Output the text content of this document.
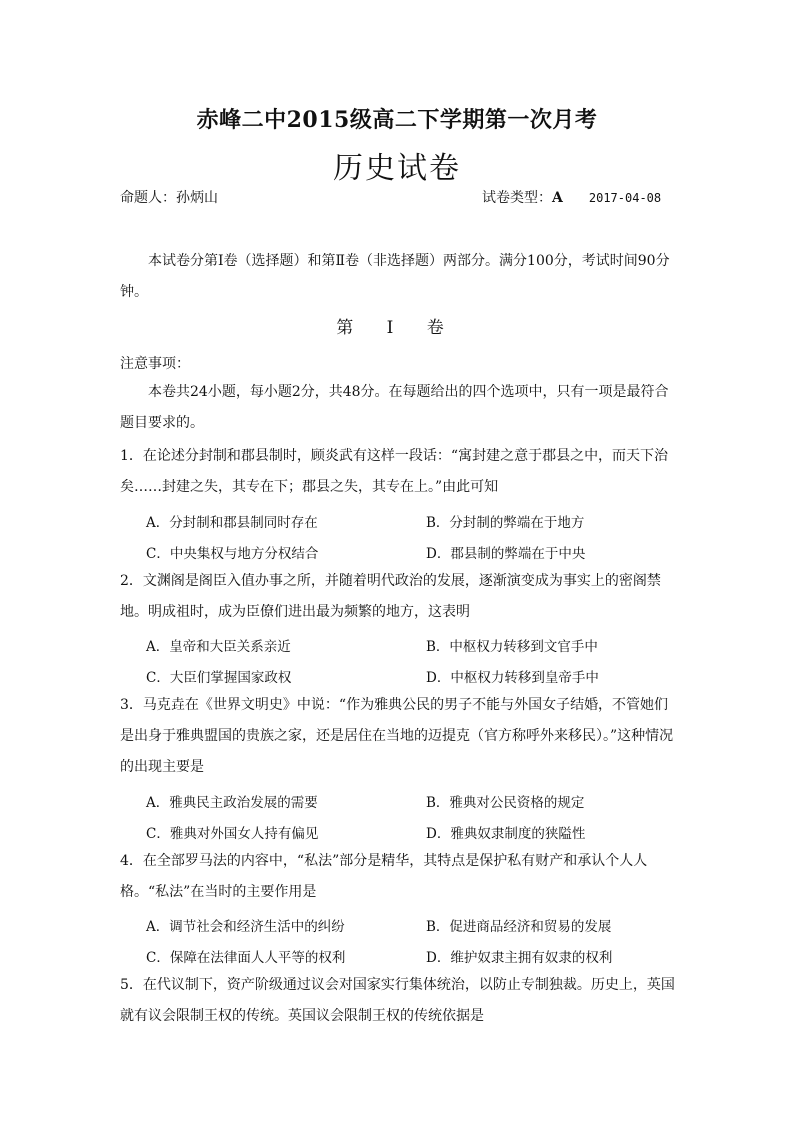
赤峰二中2015级高二下学期第一次月考
历史试卷
命题人：孙炳山	试卷类型：A 2017-04-08
本试卷分第Ⅰ卷（选择题）和第Ⅱ卷（非选择题）两部分。满分100分，考试时间90分钟。
第 Ⅰ 卷
注意事项：
本卷共24小题，每小题2分，共48分。在每题给出的四个选项中，只有一项是最符合题目要求的。
1．在论述分封制和郡县制时，顾炎武有这样一段话：“寓封建之意于郡县之中，而天下治矣……封建之失，其专在下；郡县之失，其专在上。”由此可知
A．分封制和郡县制同时存在	B．分封制的弊端在于地方
C．中央集权与地方分权结合	D．郡县制的弊端在于中央
2．文渊阁是阁臣入值办事之所，并随着明代政治的发展，逐渐演变成为事实上的密阁禁地。明成祖时，成为臣僚们进出最为频繁的地方，这表明
A．皇帝和大臣关系亲近	B．中枢权力转移到文官手中
C．大臣们掌握国家政权	D．中枢权力转移到皇帝手中
3．马克垚在《世界文明史》中说：“作为雅典公民的男子不能与外国女子结婚，不管她们是出身于雅典盟国的贵族之家，还是居住在当地的迈提克（官方称呼外来移民）。”这种情况的出现主要是
A．雅典民主政治发展的需要	B．雅典对公民资格的规定
C．雅典对外国女人持有偏见	D．雅典奴隶制度的狭隘性
4．在全部罗马法的内容中，“私法”部分是精华，其特点是保护私有财产和承认个人人格。“私法”在当时的主要作用是
A．调节社会和经济生活中的纠纷	B．促进商品经济和贸易的发展
C．保障在法律面人人平等的权利	D．维护奴隶主拥有奴隶的权利
5．在代议制下，资产阶级通过议会对国家实行集体统治，以防止专制独裁。历史上，英国就有议会限制王权的传统。英国议会限制王权的传统依据是
